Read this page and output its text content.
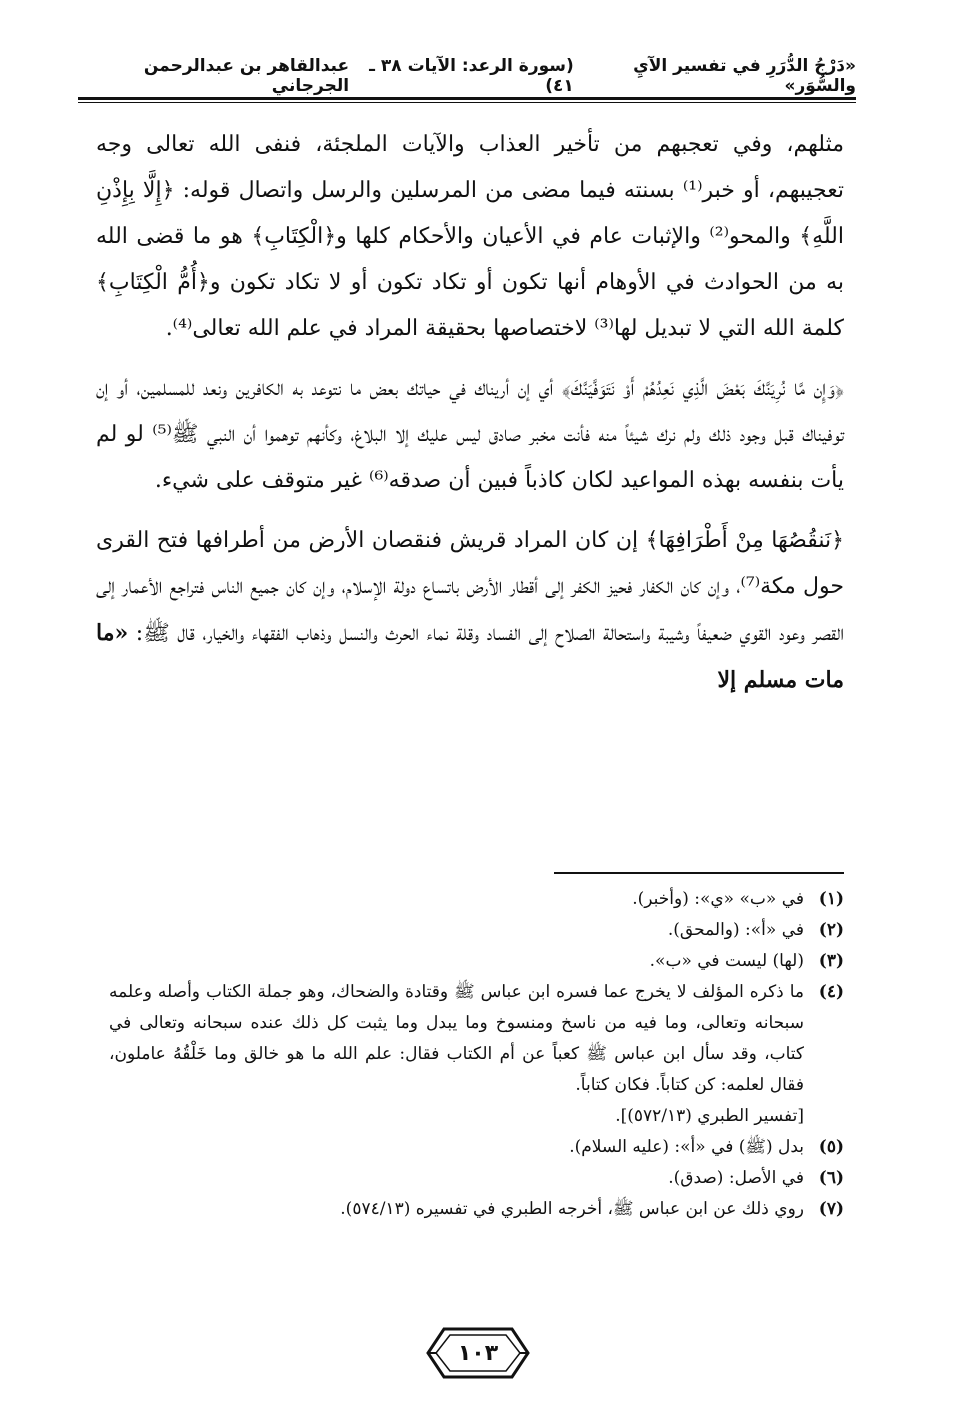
«دَرْجُ الدُّرَرِ في تفسير الآيِ والسُّوَر»
(سورة الرعد: الآيات ٣٨ ـ ٤١)
عبدالقاهر بن عبدالرحمن الجرجاني

مثلهم، وفي تعجبهم من تأخير العذاب والآيات الملجئة، فنفى الله تعالى وجه تعجيبهم، أو خبر⁽¹⁾ بسنته فيما مضى من المرسلين والرسل واتصال قوله: ﴿إِلَّا بِإِذْنِ اللَّهِ﴾ والمحو⁽²⁾ والإثبات عام في الأعيان والأحكام كلها و﴿الْكِتَابِ﴾ هو ما قضى الله به من الحوادث في الأوهام أنها تكون أو تكاد تكون أو لا تكاد تكون و﴿أُمُّ الْكِتَابِ﴾ كلمة الله التي لا تبديل لها⁽³⁾ لاختصاصها بحقيقة المراد في علم الله تعالى⁽⁴⁾.

﴿وَإِن مَّا نُرِيَنَّكَ بَعْضَ الَّذِي نَعِدُهُمْ أَوْ نَتَوَفَّيَنَّكَ﴾ أي إن أريناك في حياتك بعض ما نتوعد به الكافرين ونعد للمسلمين، أو إن توفيناك قبل وجود ذلك ولم نرك شيئاً منه فأنت مخبر صادق ليس عليك إلا البلاغ، وكأنهم توهموا أن النبي ﷺ⁽⁵⁾ لو لم يأت بنفسه بهذه المواعيد لكان كاذباً فبين أن صدقه⁽⁶⁾ غير متوقف على شيء.

﴿نَنقُصُهَا مِنْ أَطْرَافِهَا﴾ إن كان المراد قريش فنقصان الأرض من أطرافها فتح القرى حول مكة⁽⁷⁾، وإن كان الكفار فحيز الكفر إلى أقطار الأرض باتساع دولة الإسلام، وإن كان جميع الناس فتراجع الأعمار إلى القصر وعود القوي ضعيفاً وشيبة واستحالة الصلاح إلى الفساد وقلة نماء الحرث والنسل وذهاب الفقهاء والخيار، قال ﷺ: «ما مات مسلم إلا

(١)
في «ب» «ي»: (وأخبر).
(٢)
في «أ»: (والمحق).
(٣)
(لها) ليست في «ب».
(٤)
ما ذكره المؤلف لا يخرج عما فسره ابن عباس ﷺ وقتادة والضحاك، وهو جملة الكتاب وأصله وعلمه سبحانه وتعالى، وما فيه من ناسخ ومنسوخ وما يبدل وما يثبت كل ذلك عنده سبحانه وتعالى في كتاب، وقد سأل ابن عباس ﷺ كعباً عن أم الكتاب فقال: علم الله ما هو خالق وما خَلْقُهُ عاملون، فقال لعلمه: كن كتاباً. فكان كتاباً.
[تفسير الطبري (٥٧٢/١٣)].
(٥)
بدل (ﷺ) في «أ»: (عليه السلام).
(٦)
في الأصل: (صدق).
(٧)
روي ذلك عن ابن عباس ﷺ، أخرجه الطبري في تفسيره (٥٧٤/١٣).
١٠٣
